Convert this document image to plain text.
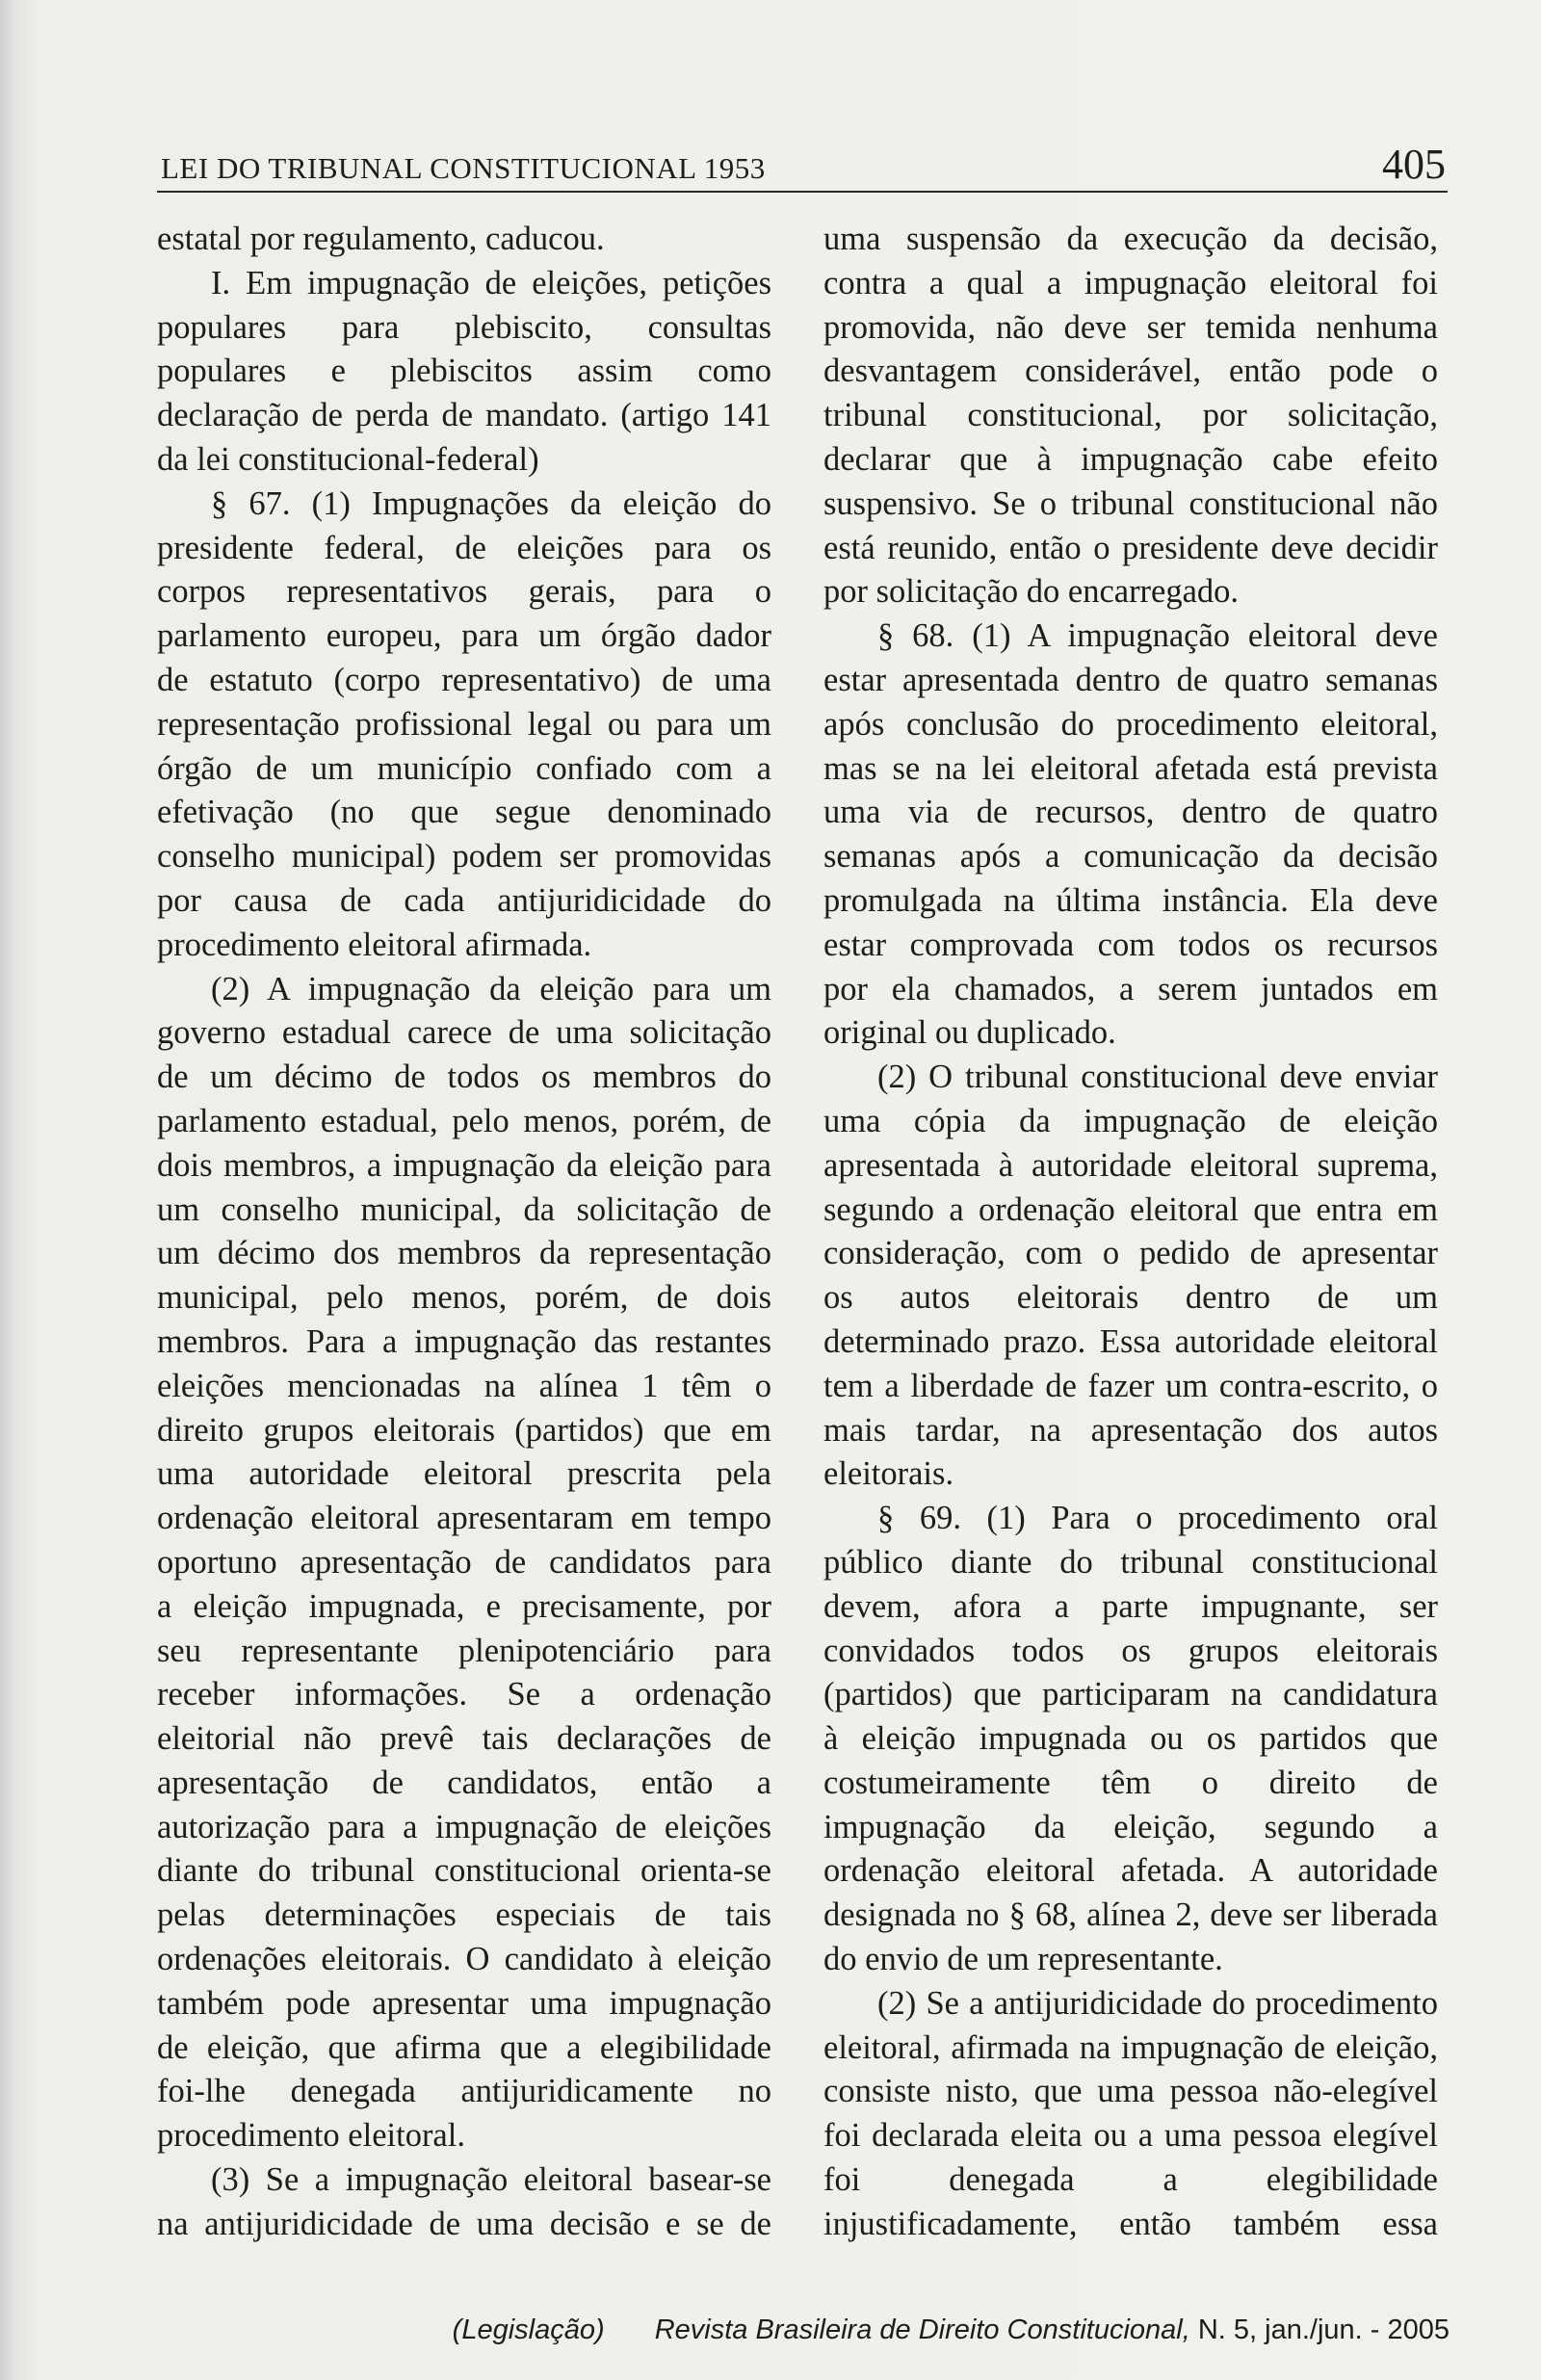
LEI DO TRIBUNAL CONSTITUCIONAL 1953	405
estatal por regulamento, caducou.
I. Em impugnação de eleições, petições
populares para plebiscito, consultas
populares e plebiscitos assim como
declaração de perda de mandato. (artigo 141
da lei constitucional-federal)
§ 67. (1) Impugnações da eleição do
presidente federal, de eleições para os
corpos representativos gerais, para o
parlamento europeu, para um órgão dador
de estatuto (corpo representativo) de uma
representação profissional legal ou para um
órgão de um município confiado com a
efetivação (no que segue denominado
conselho municipal) podem ser promovidas
por causa de cada antijuridicidade do
procedimento eleitoral afirmada.
(2) A impugnação da eleição para um
governo estadual carece de uma solicitação
de um décimo de todos os membros do
parlamento estadual, pelo menos, porém, de
dois membros, a impugnação da eleição para
um conselho municipal, da solicitação de
um décimo dos membros da representação
municipal, pelo menos, porém, de dois
membros. Para a impugnação das restantes
eleições mencionadas na alínea 1 têm o
direito grupos eleitorais (partidos) que em
uma autoridade eleitoral prescrita pela
ordenação eleitoral apresentaram em tempo
oportuno apresentação de candidatos para
a eleição impugnada, e precisamente, por
seu representante plenipotenciário para
receber informações. Se a ordenação
eleitorial não prevê tais declarações de
apresentação de candidatos, então a
autorização para a impugnação de eleições
diante do tribunal constitucional orienta-se
pelas determinações especiais de tais
ordenações eleitorais. O candidato à eleição
também pode apresentar uma impugnação
de eleição, que afirma que a elegibilidade
foi-lhe denegada antijuridicamente no
procedimento eleitoral.
(3) Se a impugnação eleitoral basear-se
na antijuridicidade de uma decisão e se de
uma suspensão da execução da decisão,
contra a qual a impugnação eleitoral foi
promovida, não deve ser temida nenhuma
desvantagem considerável, então pode o
tribunal constitucional, por solicitação,
declarar que à impugnação cabe efeito
suspensivo. Se o tribunal constitucional não
está reunido, então o presidente deve decidir
por solicitação do encarregado.
§ 68. (1) A impugnação eleitoral deve
estar apresentada dentro de quatro semanas
após conclusão do procedimento eleitoral,
mas se na lei eleitoral afetada está prevista
uma via de recursos, dentro de quatro
semanas após a comunicação da decisão
promulgada na última instância. Ela deve
estar comprovada com todos os recursos
por ela chamados, a serem juntados em
original ou duplicado.
(2) O tribunal constitucional deve enviar
uma cópia da impugnação de eleição
apresentada à autoridade eleitoral suprema,
segundo a ordenação eleitoral que entra em
consideração, com o pedido de apresentar
os autos eleitorais dentro de um
determinado prazo. Essa autoridade eleitoral
tem a liberdade de fazer um contra-escrito, o
mais tardar, na apresentação dos autos
eleitorais.
§ 69. (1) Para o procedimento oral
público diante do tribunal constitucional
devem, afora a parte impugnante, ser
convidados todos os grupos eleitorais
(partidos) que participaram na candidatura
à eleição impugnada ou os partidos que
costumeiramente têm o direito de
impugnação da eleição, segundo a
ordenação eleitoral afetada. A autoridade
designada no § 68, alínea 2, deve ser liberada
do envio de um representante.
(2) Se a antijuridicidade do procedimento
eleitoral, afirmada na impugnação de eleição,
consiste nisto, que uma pessoa não-elegível
foi declarada eleita ou a uma pessoa elegível
foi denegada a elegibilidade
injustificadamente, então também essa
(Legislação) Revista Brasileira de Direito Constitucional, N. 5, jan./jun. - 2005
